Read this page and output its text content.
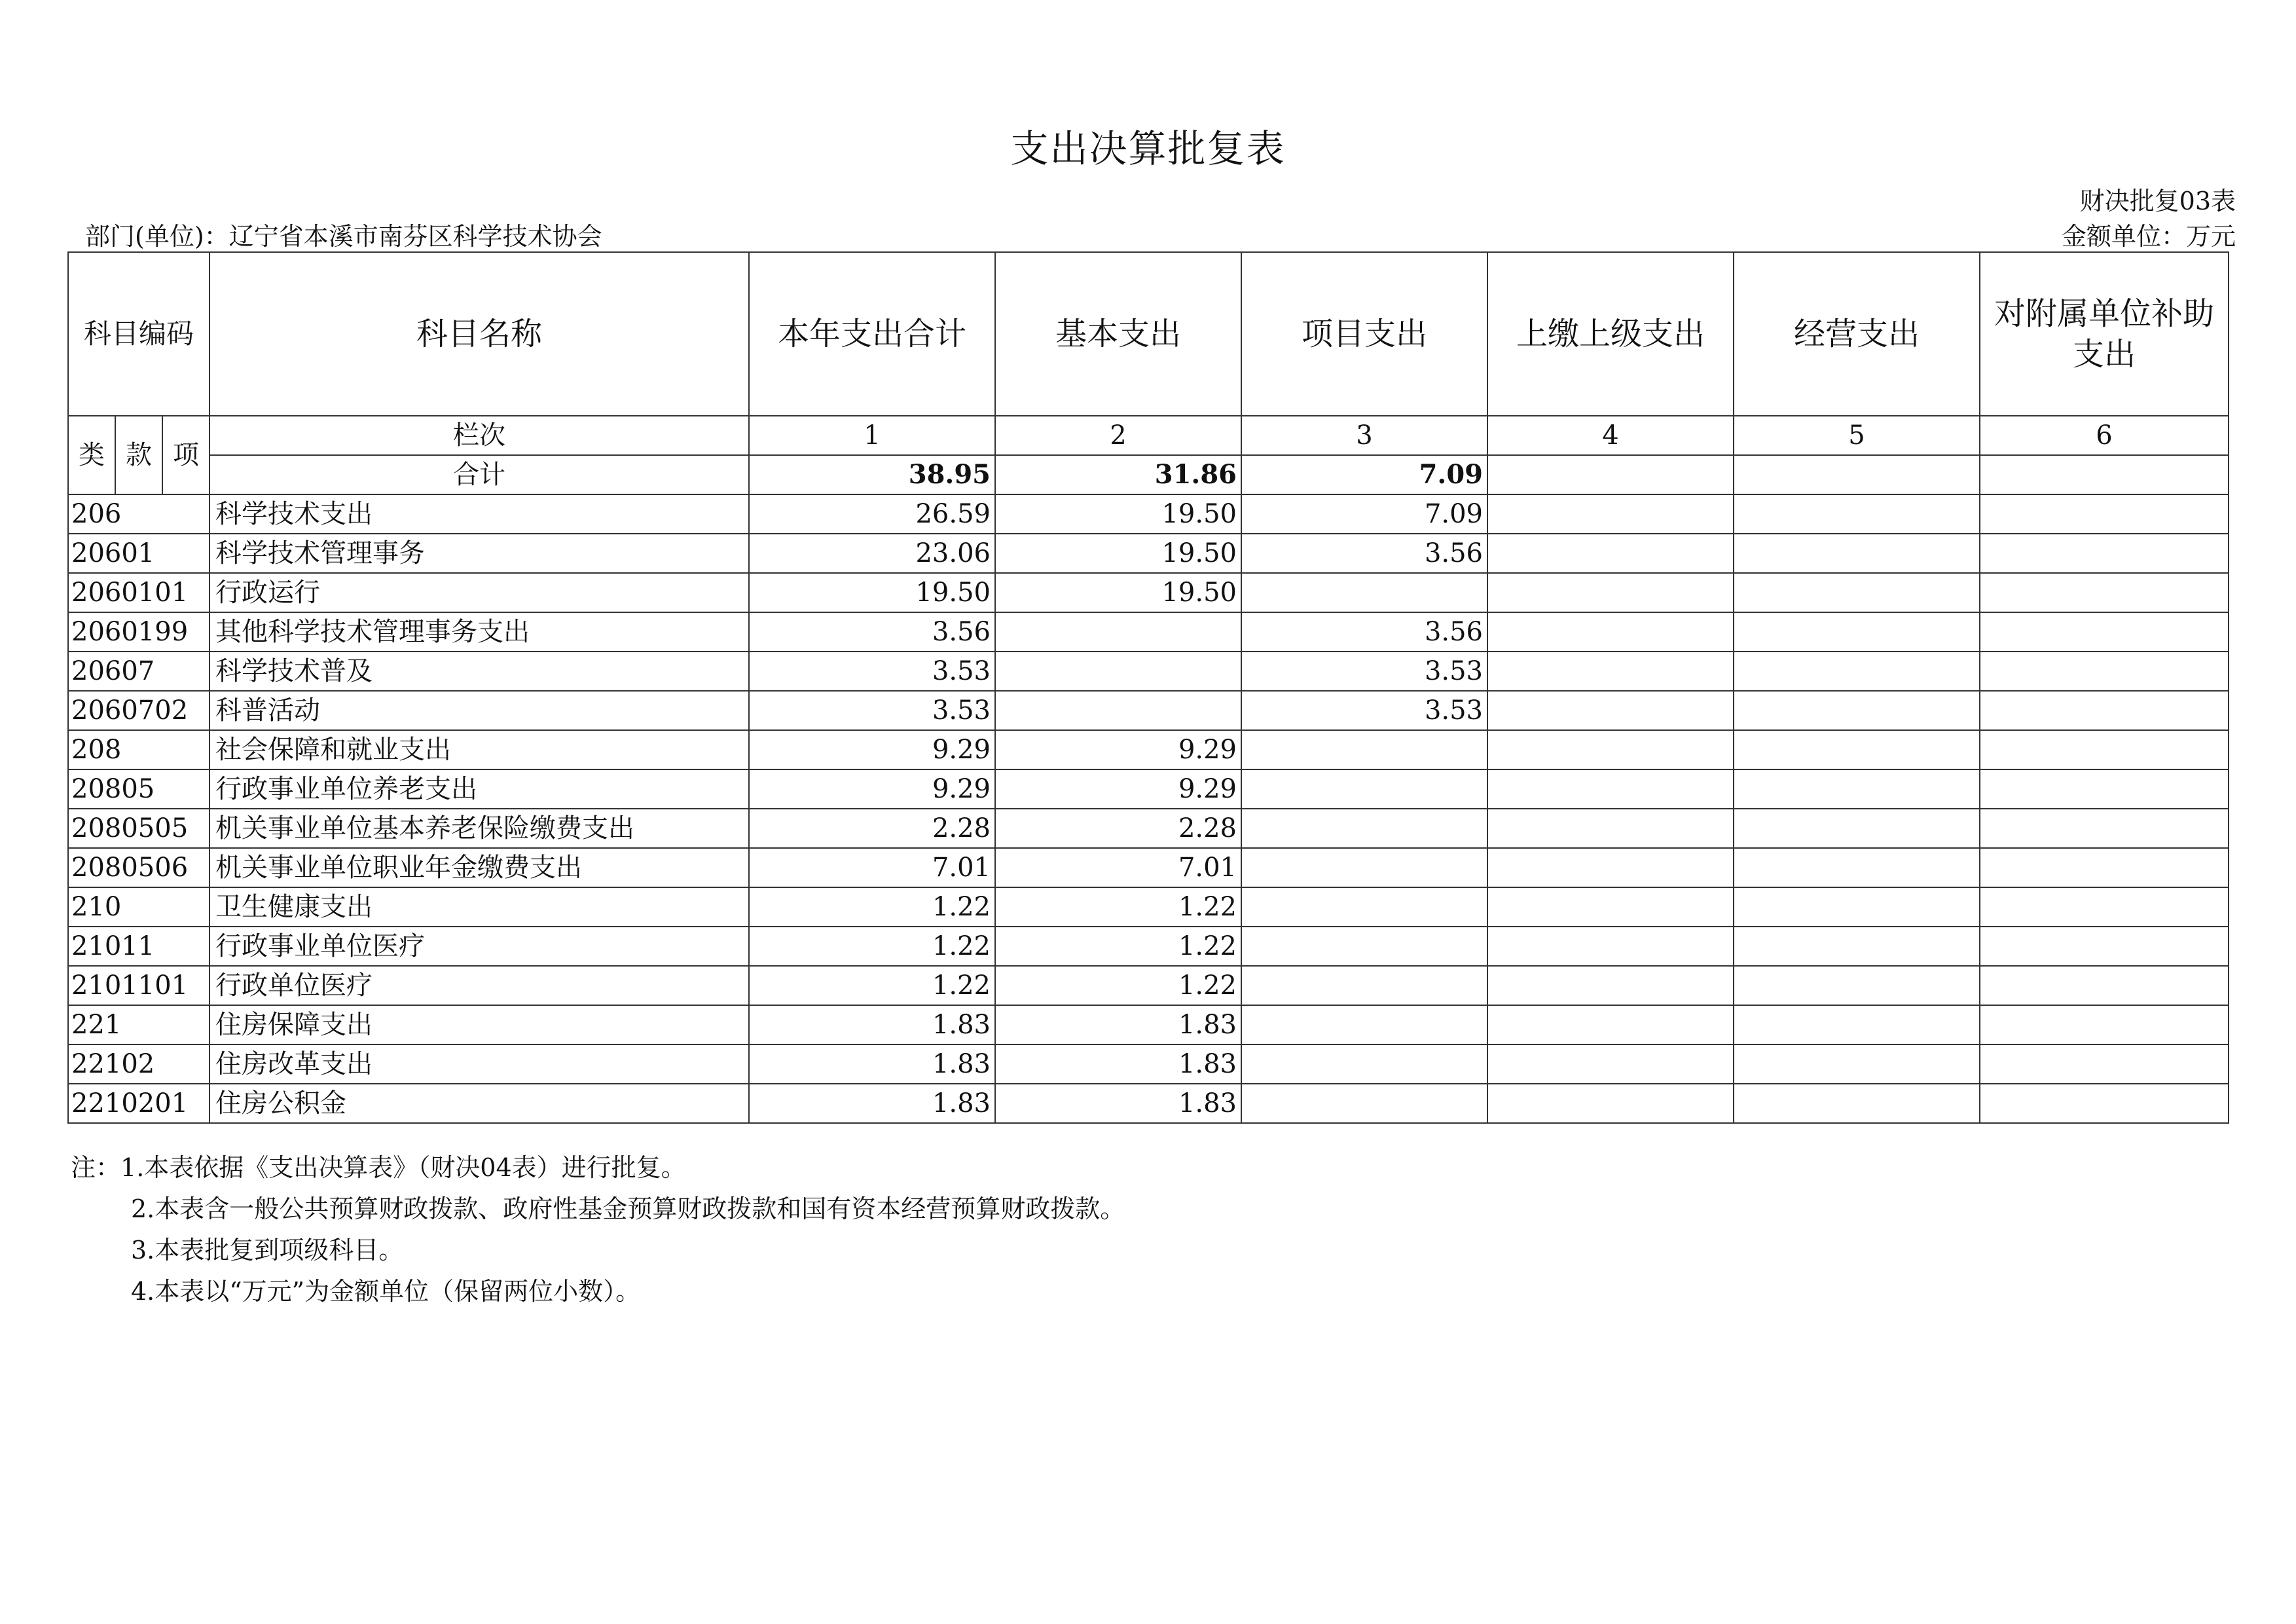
支出决算批复表
财决批复03表
部门(单位)：辽宁省本溪市南芬区科学技术协会	金额单位：万元
科目编码			科目名称	本年支出合计	基本支出	项目支出	上缴上级支出	经营支出	对附属单位补助支出
类	款	项	栏次	1	2	3	4	5	6
			合计	38.95	31.86	7.09			
206			科学技术支出	26.59	19.50	7.09			
20601			科学技术管理事务	23.06	19.50	3.56			
2060101			行政运行	19.50	19.50				
2060199			其他科学技术管理事务支出	3.56		3.56			
20607			科学技术普及	3.53		3.53			
2060702			科普活动	3.53		3.53			
208			社会保障和就业支出	9.29	9.29				
20805			行政事业单位养老支出	9.29	9.29				
2080505			机关事业单位基本养老保险缴费支出	2.28	2.28				
2080506			机关事业单位职业年金缴费支出	7.01	7.01				
210			卫生健康支出	1.22	1.22				
21011			行政事业单位医疗	1.22	1.22				
2101101			行政单位医疗	1.22	1.22				
221			住房保障支出	1.83	1.83				
22102			住房改革支出	1.83	1.83				
2210201			住房公积金	1.83	1.83				
注：1.本表依据《支出决算表》（财决04表）进行批复。
2.本表含一般公共预算财政拨款、政府性基金预算财政拨款和国有资本经营预算财政拨款。
3.本表批复到项级科目。
4.本表以“万元”为金额单位（保留两位小数）。
